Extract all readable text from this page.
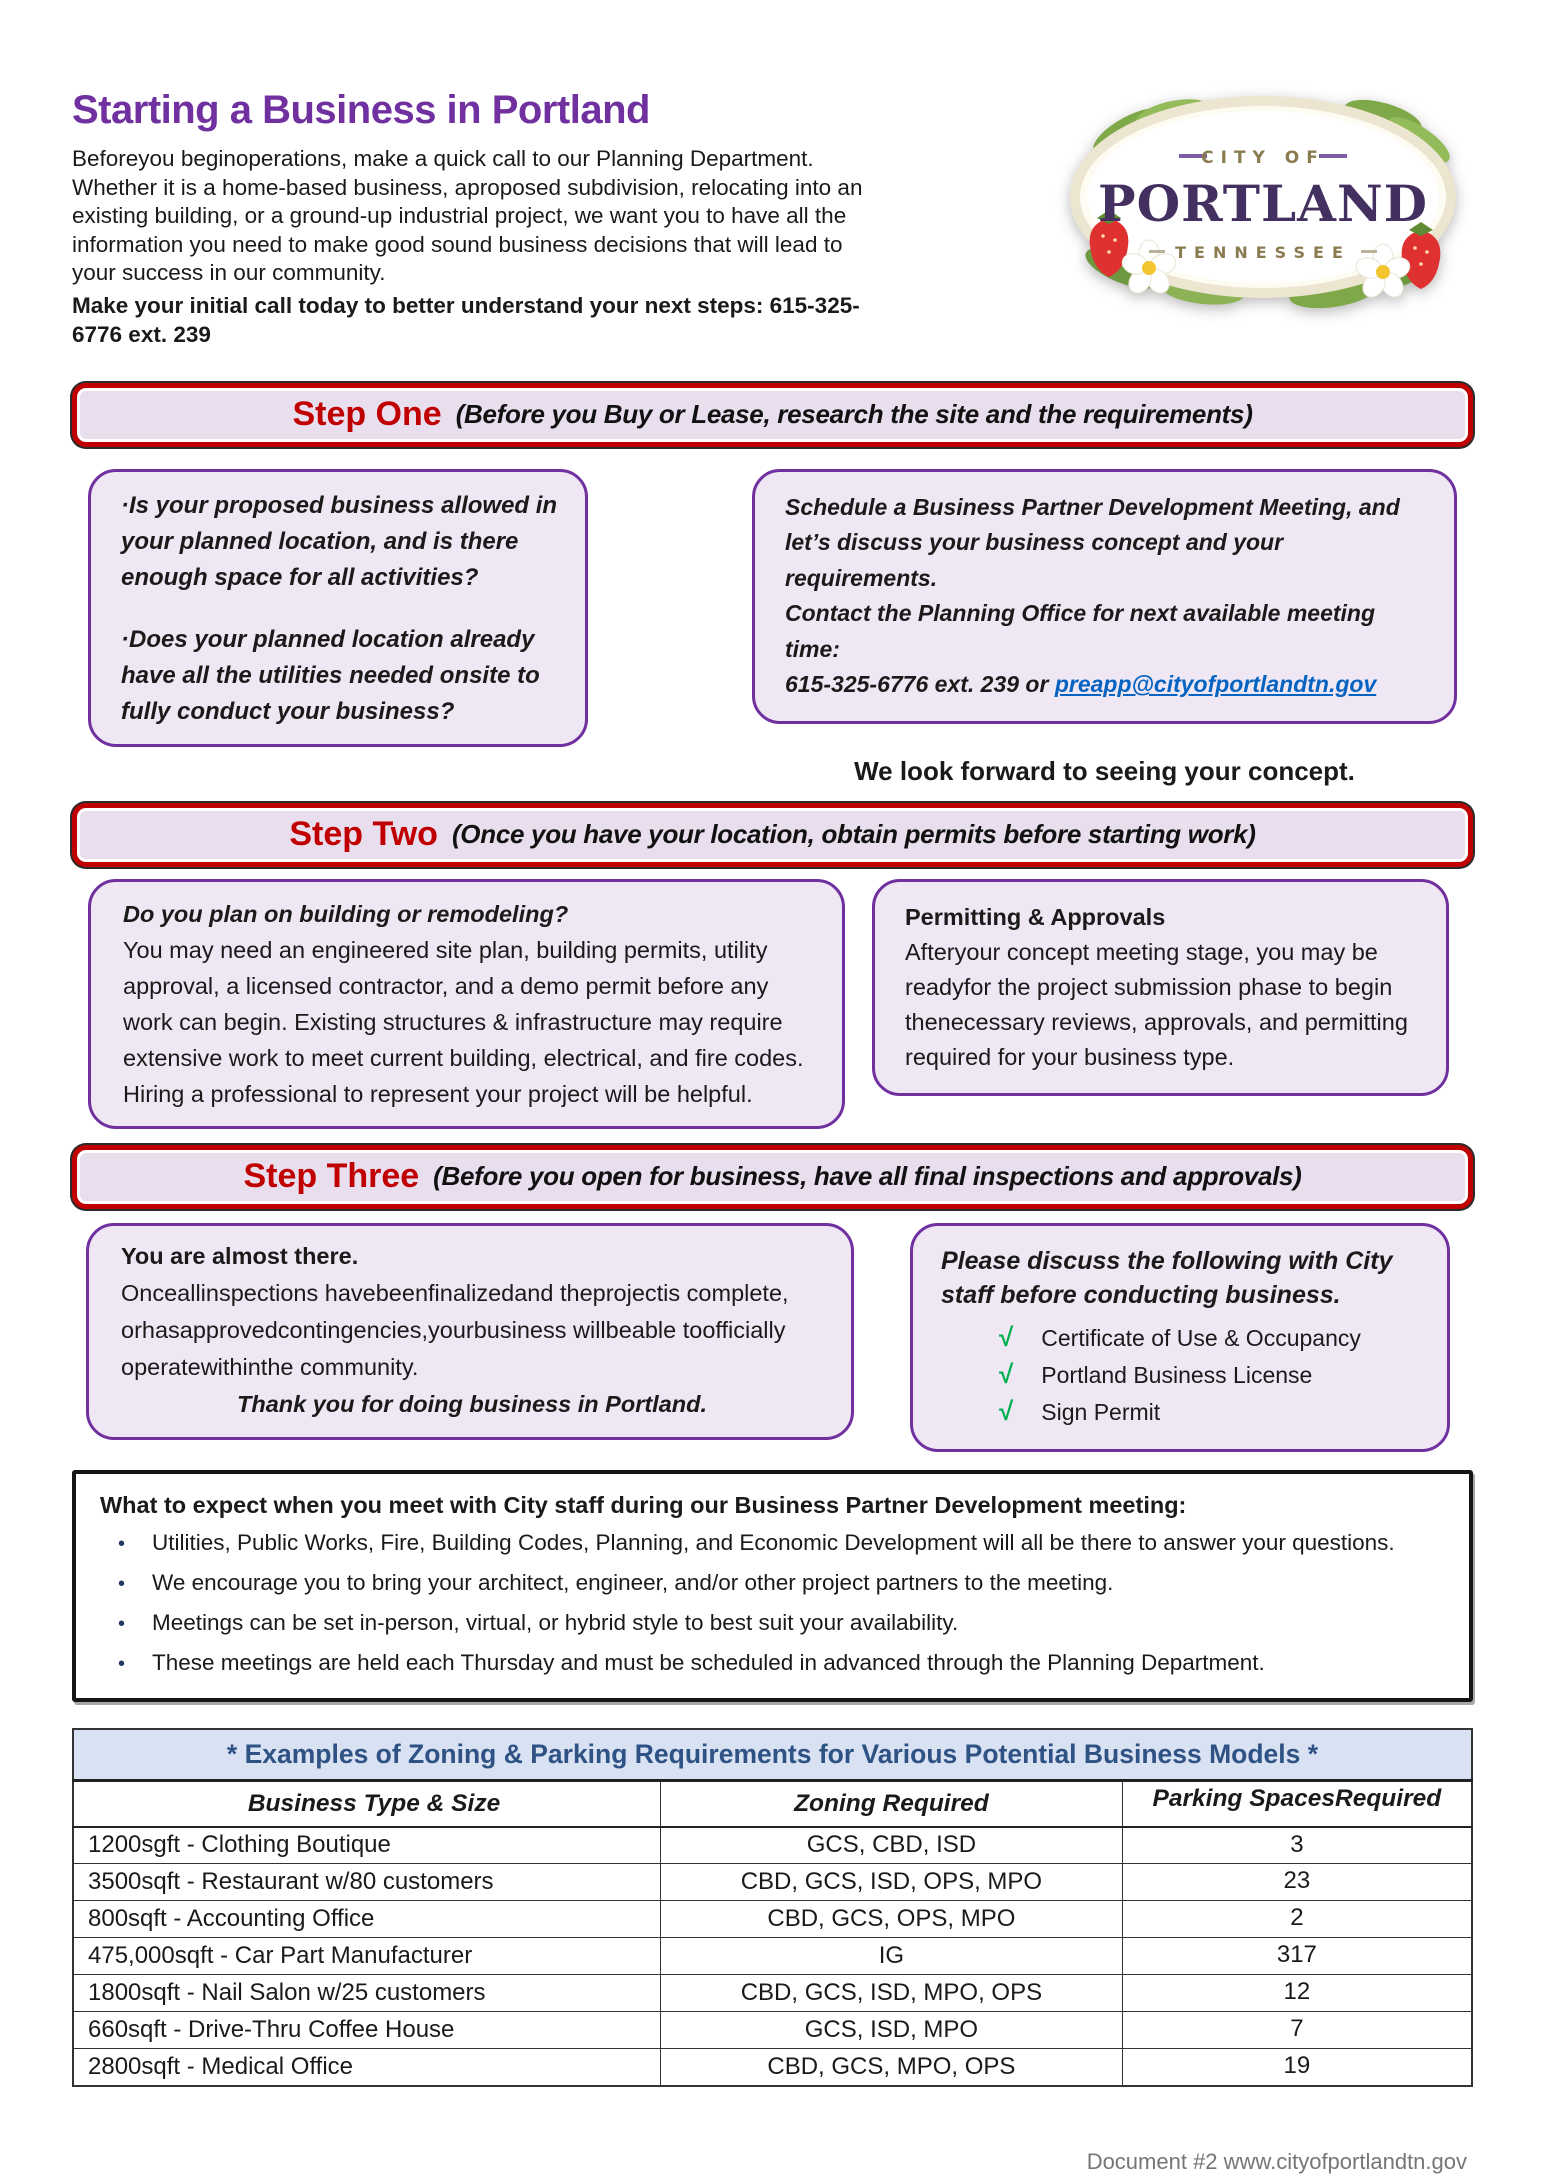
Starting a Business in Portland
Beforeyou beginoperations, make a quick call to our Planning Department. Whether it is a home-based business, aproposed subdivision, relocating into an existing building, or a ground-up industrial project, we want you to have all the information you need to make good sound business decisions that will lead to your success in our community.
Make your initial call today to better understand your next steps: 615-325-6776 ext. 239
CITY OF
PORTLAND
TENNESSEE
Step One (Before you Buy or Lease, research the site and the requirements)
·Is your proposed business allowed in your planned location, and is there enough space for all activities?
·Does your planned location already have all the utilities needed onsite to fully conduct your business?
Schedule a Business Partner Development Meeting, and let’s discuss your business concept and your requirements.
Contact the Planning Office for next available meeting time:
615-325-6776 ext. 239 or preapp@cityofportlandtn.gov
We look forward to seeing your concept.
Step Two (Once you have your location, obtain permits before starting work)
Do you plan on building or remodeling?
You may need an engineered site plan, building permits, utility approval, a licensed contractor, and a demo permit before any work can begin. Existing structures & infrastructure may require extensive work to meet current building, electrical, and fire codes. Hiring a professional to represent your project will be helpful.
Permitting & Approvals
Afteryour concept meeting stage, you may be readyfor the project submission phase to begin thenecessary reviews, approvals, and permitting required for your business type.
Step Three (Before you open for business, have all final inspections and approvals)
You are almost there.
Onceallinspections havebeenfinalizedand theprojectis complete, orhasapprovedcontingencies,yourbusiness willbeable toofficially operatewithinthe community.
Thank you for doing business in Portland.
Please discuss the following with City staff before conducting business.
√ Certificate of Use & Occupancy
√ Portland Business License
√ Sign Permit
What to expect when you meet with City staff during our Business Partner Development meeting:
•	Utilities, Public Works, Fire, Building Codes, Planning, and Economic Development will all be there to answer your questions.
•	We encourage you to bring your architect, engineer, and/or other project partners to the meeting.
•	Meetings can be set in-person, virtual, or hybrid style to best suit your availability.
•	These meetings are held each Thursday and must be scheduled in advanced through the Planning Department.
* Examples of Zoning & Parking Requirements for Various Potential Business Models *		
Business Type & Size	Zoning Required	Parking SpacesRequired
1200sgft - Clothing Boutique	GCS, CBD, ISD	3
3500sqft - Restaurant w/80 customers	CBD, GCS, ISD, OPS, MPO	23
800sqft - Accounting Office	CBD, GCS, OPS, MPO	2
475,000sqft - Car Part Manufacturer	IG	317
1800sqft - Nail Salon w/25 customers	CBD, GCS, ISD, MPO, OPS	12
660sqft - Drive-Thru Coffee House	GCS, ISD, MPO	7
2800sqft - Medical Office	CBD, GCS, MPO, OPS	19
Document #2 www.cityofportlandtn.gov
